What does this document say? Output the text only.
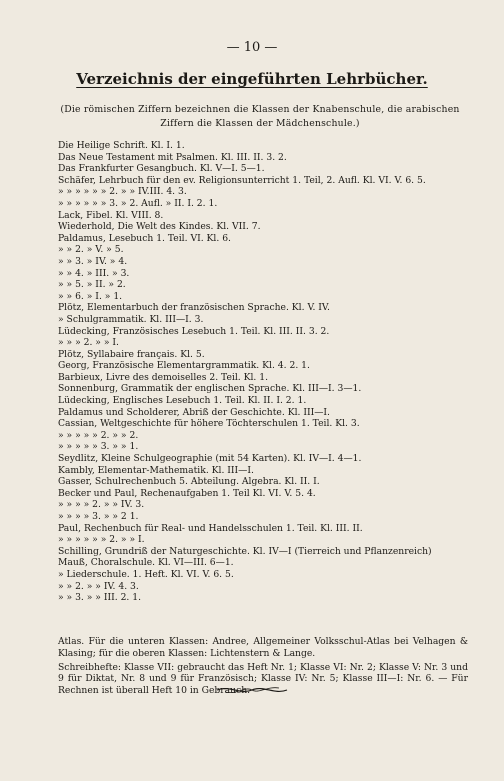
— 10 —
Verzeichnis der eingeführten Lehrbücher.
(Die römischen Ziffern bezeichnen die Klassen der Knabenschule, die arabischen Ziffern die Klassen der Mädchenschule.)
Die Heilige Schrift. Kl. I. 1.
Das Neue Testament mit Psalmen. Kl. III. II. 3. 2.
Das Frankfurter Gesangbuch. Kl. V—I. 5—1.
Schäfer, Lehrbuch für den ev. Religionsunterricht 1. Teil, 2. Aufl. Kl. VI. V. 6. 5.
» » » » » » 2. » » IV.III. 4. 3.
» » » » » » 3. » 2. Aufl. » II. I. 2. 1.
Lack, Fibel. Kl. VIII. 8.
Wiederhold, Die Welt des Kindes. Kl. VII. 7.
Paldamus, Lesebuch 1. Teil. VI. Kl. 6.
» » 2. » V. » 5.
» » 3. » IV. » 4.
» » 4. » III. » 3.
» » 5. » II. » 2.
» » 6. » I. » 1.
Plötz, Elementarbuch der französischen Sprache. Kl. V. IV.
» Schulgrammatik. Kl. III—I. 3.
Lüdecking, Französisches Lesebuch 1. Teil. Kl. III. II. 3. 2.
» » » 2. » » I.
Plötz, Syllabaire français. Kl. 5.
Georg, Französische Elementargrammatik. Kl. 4. 2. 1.
Barbieux, Livre des demoiselles 2. Teil. Kl. 1.
Sonnenburg, Grammatik der englischen Sprache. Kl. III—I. 3—1.
Lüdecking, Englisches Lesebuch 1. Teil. Kl. II. I. 2. 1.
Paldamus und Scholderer, Abriß der Geschichte. Kl. III—I.
Cassian, Weltgeschichte für höhere Töchterschulen 1. Teil. Kl. 3.
» » » » » 2. » » 2.
» » » » » 3. » » 1.
Seydlitz, Kleine Schulgeographie (mit 54 Karten). Kl. IV—I. 4—1.
Kambly, Elementar-Mathematik. Kl. III—I.
Gasser, Schulrechenbuch 5. Abteilung. Algebra. Kl. II. I.
Becker und Paul, Rechenaufgaben 1. Teil Kl. VI. V. 5. 4.
» » » » 2. » » IV. 3.
» » » » 3. » » 2 1.
Paul, Rechenbuch für Real- und Handelsschulen 1. Teil. Kl. III. II.
» » » » » » 2. » » I.
Schilling, Grundriß der Naturgeschichte. Kl. IV—I (Tierreich und Pflanzenreich)
Mauß, Choralschule. Kl. VI—III. 6—1.
» Liederschule. 1. Heft. Kl. VI. V. 6. 5.
» » 2. » » IV. 4. 3.
» » 3. » » III. 2. 1.
Atlas. Für die unteren Klassen: Andree, Allgemeiner Volksschul-Atlas bei Velhagen & Klasing; für die oberen Klassen: Lichtenstern & Lange.
Schreibhefte: Klasse VII: gebraucht das Heft Nr. 1; Klasse VI: Nr. 2; Klasse V: Nr. 3 und 9 für Diktat, Nr. 8 und 9 für Französisch; Klasse IV: Nr. 5; Klasse III—I: Nr. 6. — Für Rechnen ist überall Heft 10 in Gebrauch.
